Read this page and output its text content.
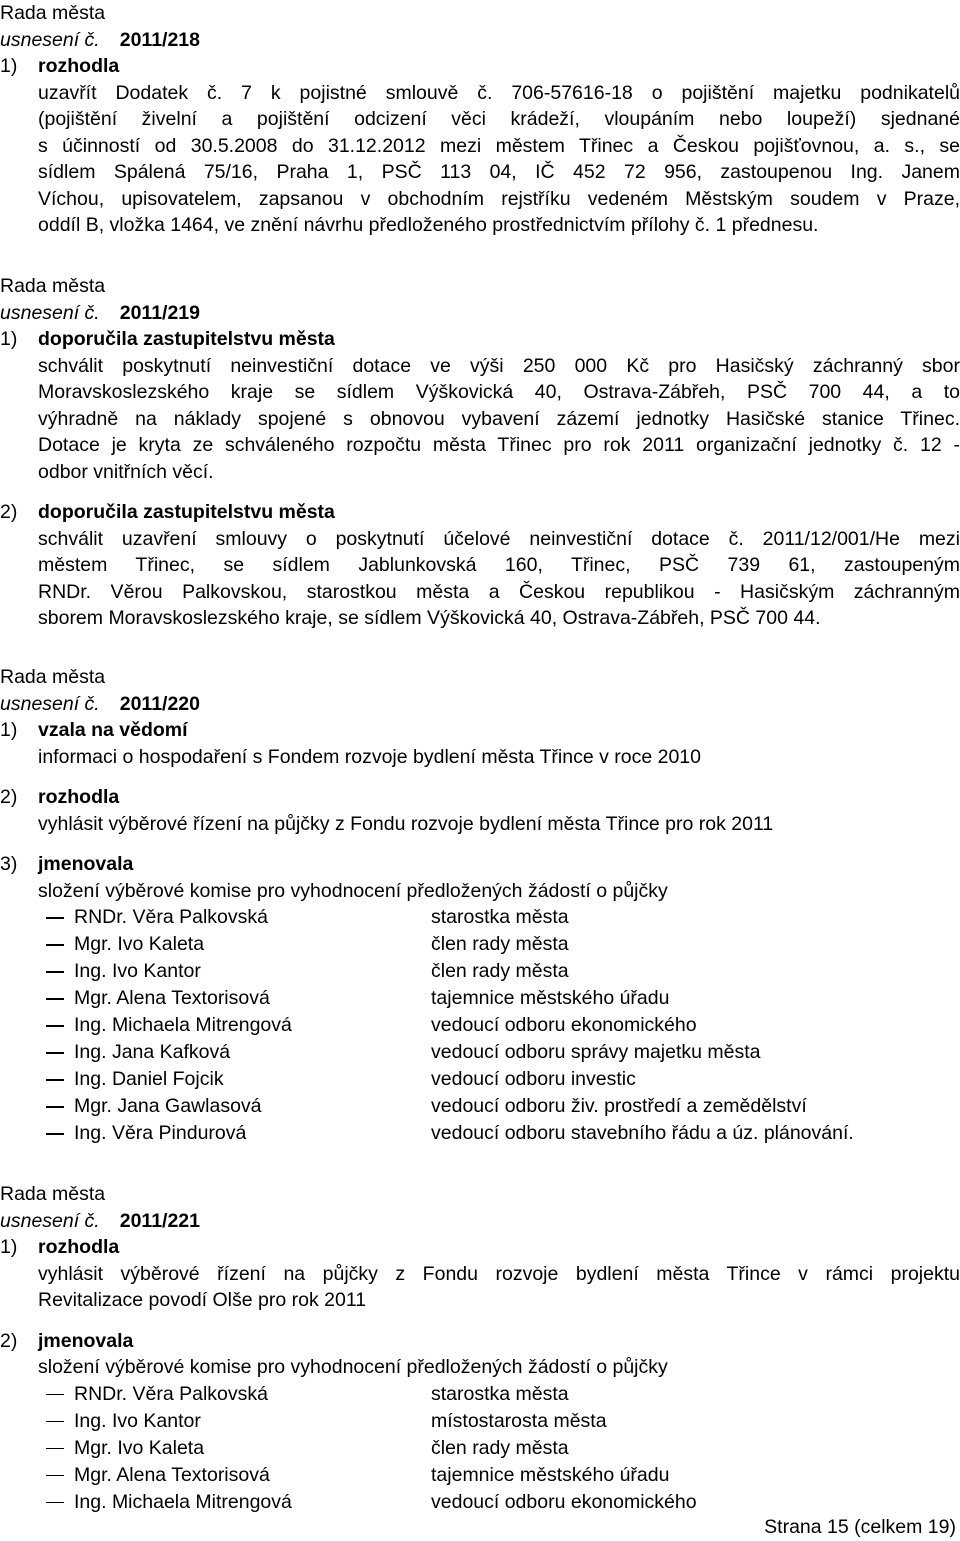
Rada města
usnesení č. 2011/218
1) rozhodla
uzavřít Dodatek č. 7 k pojistné smlouvě č. 706-57616-18 o pojištění majetku podnikatelů
(pojištění živelní a pojištění odcizení věci krádeží, vloupáním nebo loupeží) sjednané
s účinností od 30.5.2008 do 31.12.2012 mezi městem Třinec a Českou pojišťovnou, a. s., se
sídlem Spálená 75/16, Praha 1, PSČ 113 04, IČ 452 72 956, zastoupenou Ing. Janem
Víchou, upisovatelem, zapsanou v obchodním rejstříku vedeném Městským soudem v Praze,
oddíl B, vložka 1464, ve znění návrhu předloženého prostřednictvím přílohy č. 1 přednesu.
Rada města
usnesení č. 2011/219
1) doporučila zastupitelstvu města
schválit poskytnutí neinvestiční dotace ve výši 250 000 Kč pro Hasičský záchranný sbor
Moravskoslezského kraje se sídlem Výškovická 40, Ostrava-Zábřeh, PSČ 700 44, a to
výhradně na náklady spojené s obnovou vybavení zázemí jednotky Hasičské stanice Třinec.
Dotace je kryta ze schváleného rozpočtu města Třinec pro rok 2011 organizační jednotky č. 12 -
odbor vnitřních věcí.
2) doporučila zastupitelstvu města
schválit uzavření smlouvy o poskytnutí účelové neinvestiční dotace č. 2011/12/001/He mezi
městem Třinec, se sídlem Jablunkovská 160, Třinec, PSČ 739 61, zastoupeným
RNDr. Věrou Palkovskou, starostkou města a Českou republikou - Hasičským záchranným
sborem Moravskoslezského kraje, se sídlem Výškovická 40, Ostrava-Zábřeh, PSČ 700 44.
Rada města
usnesení č. 2011/220
1) vzala na vědomí
informaci o hospodaření s Fondem rozvoje bydlení města Třince v roce 2010
2) rozhodla
vyhlásit výběrové řízení na půjčky z Fondu rozvoje bydlení města Třince pro rok 2011
3) jmenovala
složení výběrové komise pro vyhodnocení předložených žádostí o půjčky
RNDr. Věra Palkovská	starostka města
Mgr. Ivo Kaleta	člen rady města
Ing. Ivo Kantor	člen rady města
Mgr. Alena Textorisová	tajemnice městského úřadu
Ing. Michaela Mitrengová	vedoucí odboru ekonomického
Ing. Jana Kafková	vedoucí odboru správy majetku města
Ing. Daniel Fojcik	vedoucí odboru investic
Mgr. Jana Gawlasová	vedoucí odboru živ. prostředí a zemědělství
Ing. Věra Pindurová	vedoucí odboru stavebního řádu a úz. plánování.
Rada města
usnesení č. 2011/221
1) rozhodla
vyhlásit výběrové řízení na půjčky z Fondu rozvoje bydlení města Třince v rámci projektu
Revitalizace povodí Olše pro rok 2011
2) jmenovala
složení výběrové komise pro vyhodnocení předložených žádostí o půjčky
RNDr. Věra Palkovská	starostka města
Ing. Ivo Kantor	místostarosta města
Mgr. Ivo Kaleta	člen rady města
Mgr. Alena Textorisová	tajemnice městského úřadu
Ing. Michaela Mitrengová	vedoucí odboru ekonomického
Strana 15 (celkem 19)
